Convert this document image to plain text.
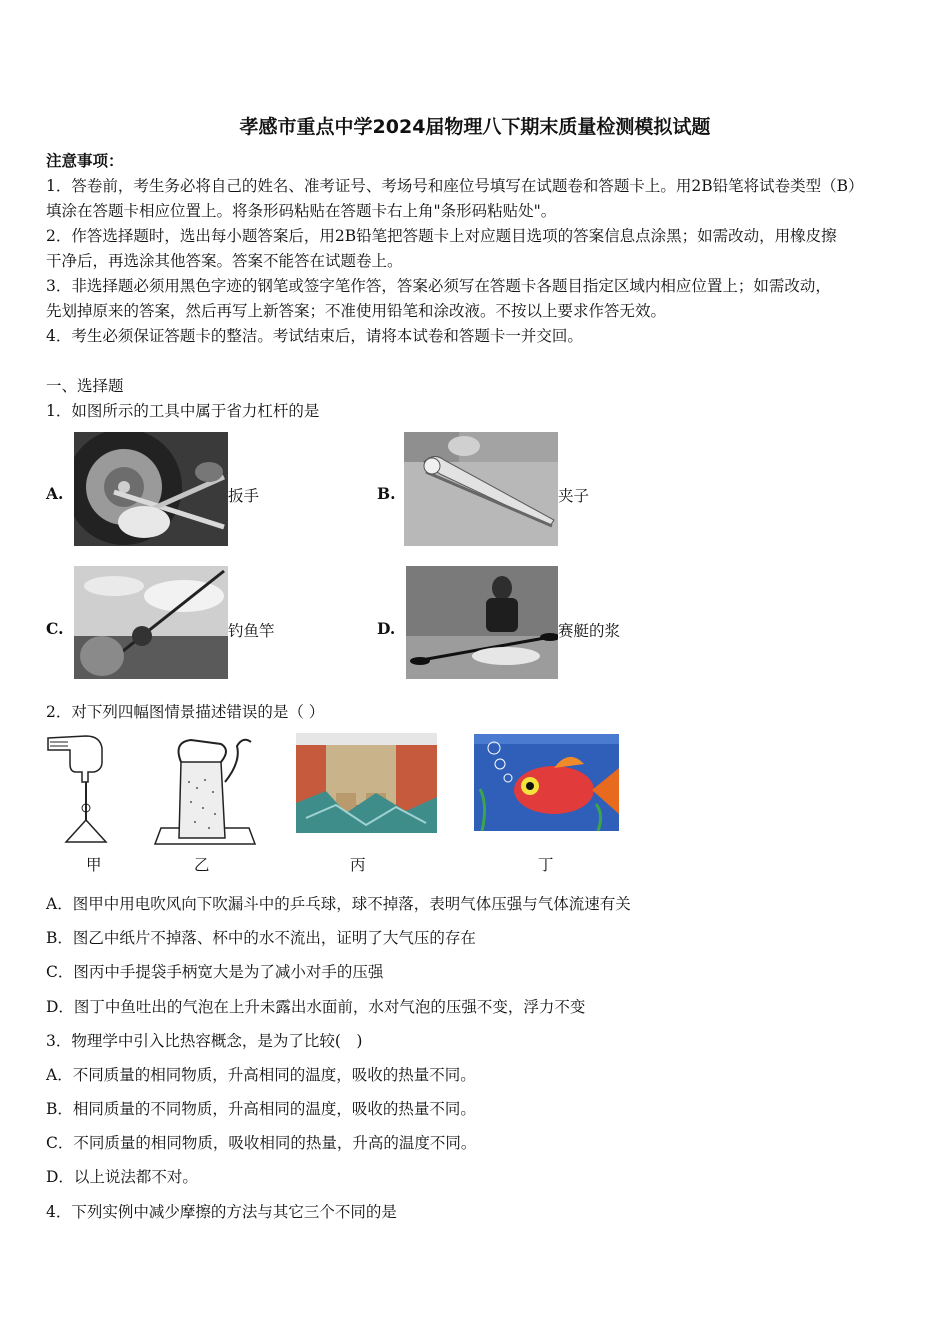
孝感市重点中学2024届物理八下期末质量检测模拟试题
注意事项：
1．答卷前，考生务必将自己的姓名、准考证号、考场号和座位号填写在试题卷和答题卡上。用2B铅笔将试卷类型（B）
填涂在答题卡相应位置上。将条形码粘贴在答题卡右上角"条形码粘贴处"。
2．作答选择题时，选出每小题答案后，用2B铅笔把答题卡上对应题目选项的答案信息点涂黑；如需改动，用橡皮擦
干净后，再选涂其他答案。答案不能答在试题卷上。
3．非选择题必须用黑色字迹的钢笔或签字笔作答，答案必须写在答题卡各题目指定区域内相应位置上；如需改动，
先划掉原来的答案，然后再写上新答案；不准使用铅笔和涂改液。不按以上要求作答无效。
4．考生必须保证答题卡的整洁。考试结束后，请将本试卷和答题卡一并交回。
一、选择题
1．如图所示的工具中属于省力杠杆的是
A.	扳手	B.	夹子
C.	钓鱼竿	D.	赛艇的浆
2．对下列四幅图情景描述错误的是（ ）
甲	乙	丙	丁
A．图甲中用电吹风向下吹漏斗中的乒乓球，球不掉落，表明气体压强与气体流速有关
B．图乙中纸片不掉落、杯中的水不流出，证明了大气压的存在
C．图丙中手提袋手柄宽大是为了减小对手的压强
D．图丁中鱼吐出的气泡在上升未露出水面前，水对气泡的压强不变，浮力不变
3．物理学中引入比热容概念，是为了比较(　)
A．不同质量的相同物质，升高相同的温度，吸收的热量不同。
B．相同质量的不同物质，升高相同的温度，吸收的热量不同。
C．不同质量的相同物质，吸收相同的热量，升高的温度不同。
D．以上说法都不对。
4．下列实例中减少摩擦的方法与其它三个不同的是
